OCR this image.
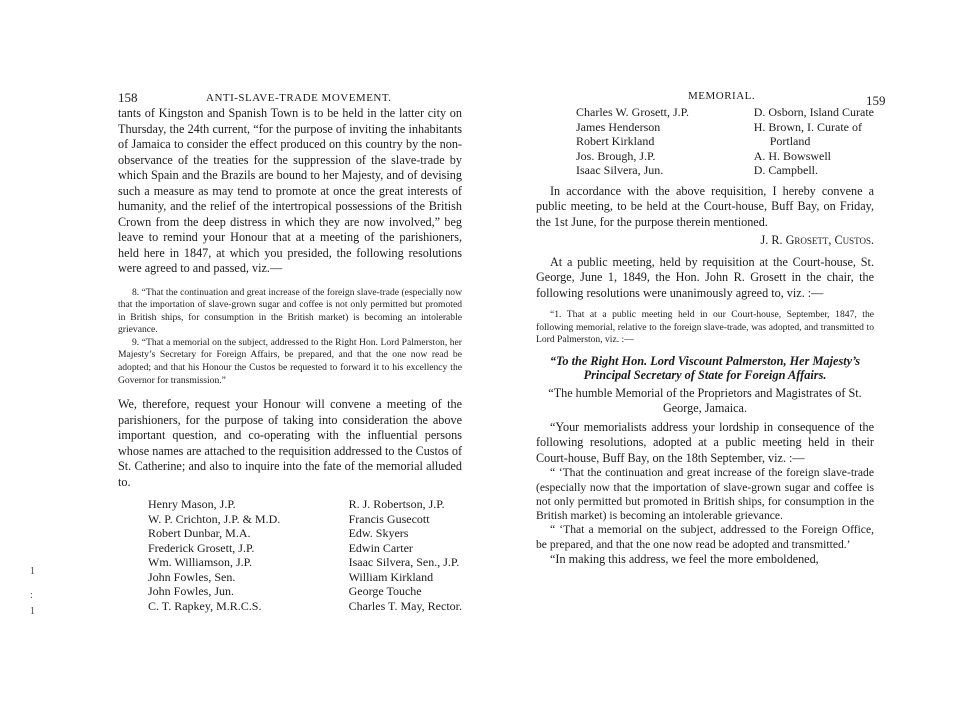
158	ANTI-SLAVE-TRADE MOVEMENT.

tants of Kingston and Spanish Town is to be held in the latter city on Thursday, the 24th current, “for the purpose of inviting the inhabitants of Jamaica to consider the effect produced on this country by the non-observance of the treaties for the suppression of the slave-trade by which Spain and the Brazils are bound to her Majesty, and of devising such a measure as may tend to promote at once the great interests of humanity, and the relief of the intertropical possessions of the British Crown from the deep distress in which they are now involved,” beg leave to remind your Honour that at a meeting of the parishioners, held here in 1847, at which you presided, the following resolutions were agreed to and passed, viz.—

8. “That the continuation and great increase of the foreign slave-trade (especially now that the importation of slave-grown sugar and coffee is not only permitted but promoted in British ships, for consumption in the British market) is becoming an intolerable grievance.

9. “That a memorial on the subject, addressed to the Right Hon. Lord Palmerston, her Majesty’s Secretary for Foreign Affairs, be prepared, and that the one now read be adopted; and that his Honour the Custos be requested to forward it to his excellency the Governor for transmission.”

We, therefore, request your Honour will convene a meeting of the parishioners, for the purpose of taking into consideration the above important question, and co-operating with the influential persons whose names are attached to the requisition addressed to the Custos of St. Catherine; and also to inquire into the fate of the memorial alluded to.

Henry Mason, J.P.
W. P. Crichton, J.P. & M.D.
Robert Dunbar, M.A.
Frederick Grosett, J.P.
Wm. Williamson, J.P.
John Fowles, Sen.
John Fowles, Jun.
C. T. Rapkey, M.R.C.S.
R. J. Robertson, J.P.
Francis Gusecott
Edw. Skyers
Edwin Carter
Isaac Silvera, Sen., J.P.
William Kirkland
George Touche
Charles T. May, Rector.
1
:
1
MEMORIAL.	159
Charles W. Grosett, J.P.
James Henderson
Robert Kirkland
Jos. Brough, J.P.
Isaac Silvera, Jun.
D. Osborn, Island Curate
H. Brown, I. Curate of
Portland
A. H. Bowswell
D. Campbell.

In accordance with the above requisition, I hereby convene a public meeting, to be held at the Court-house, Buff Bay, on Friday, the 1st June, for the purpose therein mentioned.

J. R. Grosett, Custos.

At a public meeting, held by requisition at the Court-house, St. George, June 1, 1849, the Hon. John R. Grosett in the chair, the following resolutions were unanimously agreed to, viz. :—

“1. That at a public meeting held in our Court-house, September, 1847, the following memorial, relative to the foreign slave-trade, was adopted, and transmitted to Lord Palmerston, viz. :—

“To the Right Hon. Lord Viscount Palmerston, Her Majesty’s Principal Secretary of State for Foreign Affairs.

“The humble Memorial of the Proprietors and Magistrates of St. George, Jamaica.

“Your memorialists address your lordship in consequence of the following resolutions, adopted at a public meeting held in their Court-house, Buff Bay, on the 18th September, viz. :—

“ ‘That the continuation and great increase of the foreign slave-trade (especially now that the importation of slave-grown sugar and coffee is not only permitted but promoted in British ships, for consumption in the British market) is becoming an intolerable grievance.

“ ‘That a memorial on the subject, addressed to the Foreign Office, be prepared, and that the one now read be adopted and transmitted.’

“In making this address, we feel the more emboldened,
